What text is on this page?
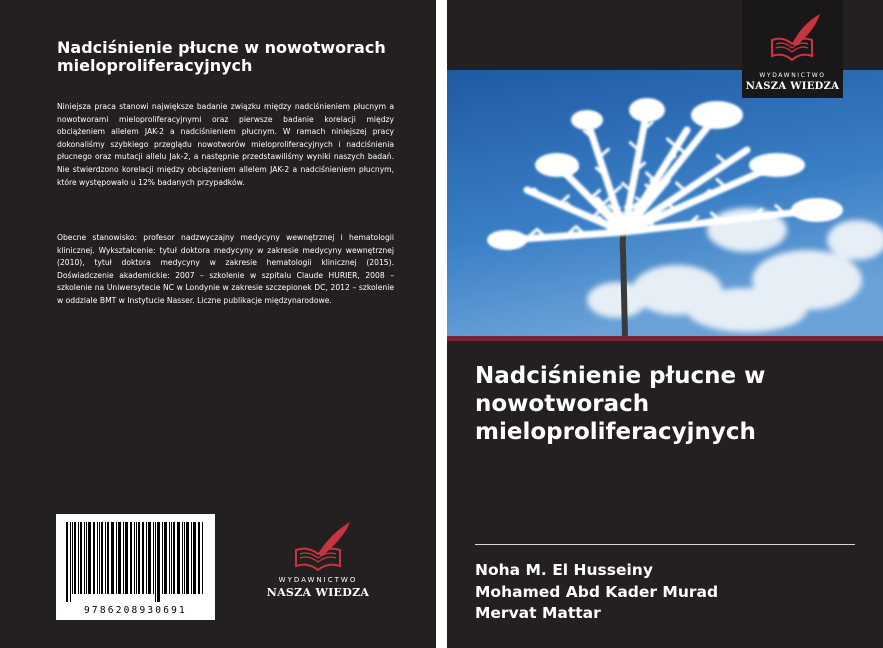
Nadciśnienie płucne w nowotworach mieloproliferacyjnych

Niniejsza praca stanowi największe badanie związku między nadciśnieniem płucnym a nowotworami mieloproliferacyjnymi oraz pierwsze badanie korelacji między obciążeniem allelem JAK-2 a nadciśnieniem płucnym. W ramach niniejszej pracy dokonaliśmy szybkiego przeglądu nowotworów mieloproliferacyjnych i nadciśnienia płucnego oraz mutacji allelu Jak-2, a następnie przedstawiliśmy wyniki naszych badań. Nie stwierdzono korelacji między obciążeniem allelem JAK-2 a nadciśnieniem płucnym, które występowało u 12% badanych przypadków.

Obecne stanowisko: profesor nadzwyczajny medycyny wewnętrznej i hematologii klinicznej. Wykształcenie: tytuł doktora medycyny w zakresie medycyny wewnętrznej (2010), tytuł doktora medycyny w zakresie hematologii klinicznej (2015). Doświadczenie akademickie: 2007 – szkolenie w szpitalu Claude HURIER, 2008 – szkolenie na Uniwersytecie NC w Londynie w zakresie szczepionek DC, 2012 – szkolenie w oddziale BMT w Instytucie Nasser. Liczne publikacje międzynarodowe.

9786208930691
WYDAWNICTWO
NASZA WIEDZA
WYDAWNICTWO
NASZA WIEDZA
Nadciśnienie płucne w nowotworach mieloproliferacyjnych
Noha M. El Husseiny
Mohamed Abd Kader Murad
Mervat Mattar
